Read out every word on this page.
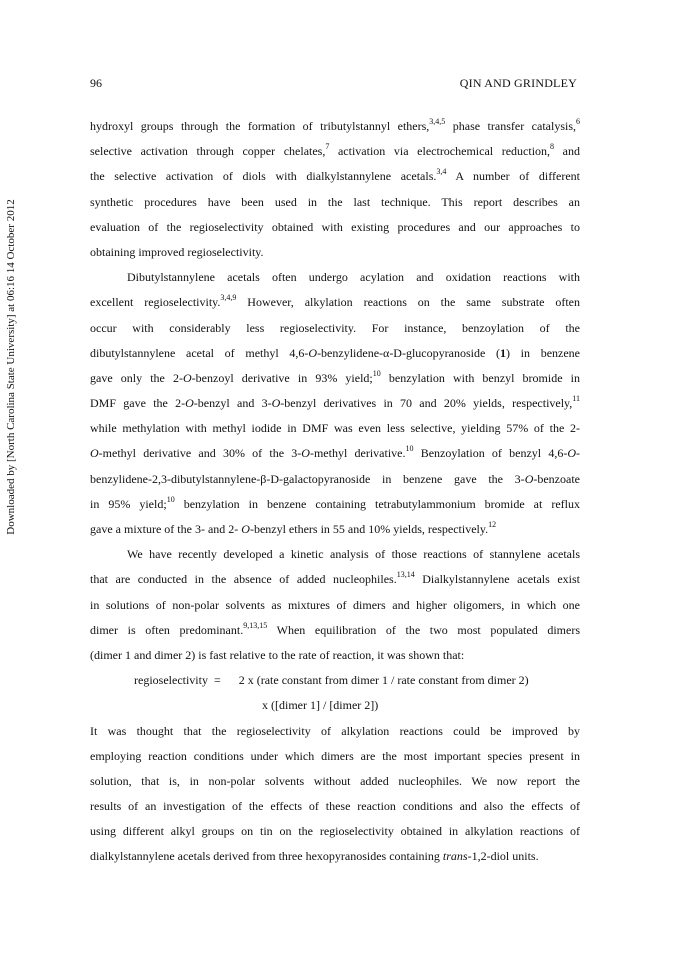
96	QIN AND GRINDLEY
Downloaded by [North Carolina State University] at 06:16 14 October 2012
hydroxyl groups through the formation of tributylstannyl ethers,$^{3,4,5}$ phase transfer catalysis,$^6$
selective activation through copper chelates,$^7$ activation via electrochemical reduction,$^8$ and
the selective activation of diols with dialkylstannylene acetals.$^{3,4}$ A number of different
synthetic procedures have been used in the last technique. This report describes an
evaluation of the regioselectivity obtained with existing procedures and our approaches to
obtaining improved regioselectivity.
Dibutylstannylene acetals often undergo acylation and oxidation reactions with
excellent regioselectivity.$^{3,4,9}$ However, alkylation reactions on the same substrate often
occur with considerably less regioselectivity. For instance, benzoylation of the
dibutylstannylene acetal of methyl 4,6-O-benzylidene-α-D-glucopyranoside (1) in benzene
gave only the 2-O-benzoyl derivative in 93% yield;$^{10}$ benzylation with benzyl bromide in
DMF gave the 2-O-benzyl and 3-O-benzyl derivatives in 70 and 20% yields, respectively,$^{11}$
while methylation with methyl iodide in DMF was even less selective, yielding 57% of the 2-
O-methyl derivative and 30% of the 3-O-methyl derivative.$^{10}$ Benzoylation of benzyl 4,6-O-
benzylidene-2,3-dibutylstannylene-β-D-galactopyranoside in benzene gave the 3-O-benzoate
in 95% yield;$^{10}$ benzylation in benzene containing tetrabutylammonium bromide at reflux
gave a mixture of the 3- and 2- O-benzyl ethers in 55 and 10% yields, respectively.$^{12}$
We have recently developed a kinetic analysis of those reactions of stannylene acetals
that are conducted in the absence of added nucleophiles.$^{13,14}$ Dialkylstannylene acetals exist
in solutions of non-polar solvents as mixtures of dimers and higher oligomers, in which one
dimer is often predominant.$^{9,13,15}$ When equilibration of the two most populated dimers
(dimer 1 and dimer 2) is fast relative to the rate of reaction, it was shown that:
regioselectivity  =      2 x (rate constant from dimer 1 / rate constant from dimer 2)
x ([dimer 1] / [dimer 2])
It was thought that the regioselectivity of alkylation reactions could be improved by
employing reaction conditions under which dimers are the most important species present in
solution, that is, in non-polar solvents without added nucleophiles. We now report the
results of an investigation of the effects of these reaction conditions and also the effects of
using different alkyl groups on tin on the regioselectivity obtained in alkylation reactions of
dialkylstannylene acetals derived from three hexopyranosides containing trans-1,2-diol units.
